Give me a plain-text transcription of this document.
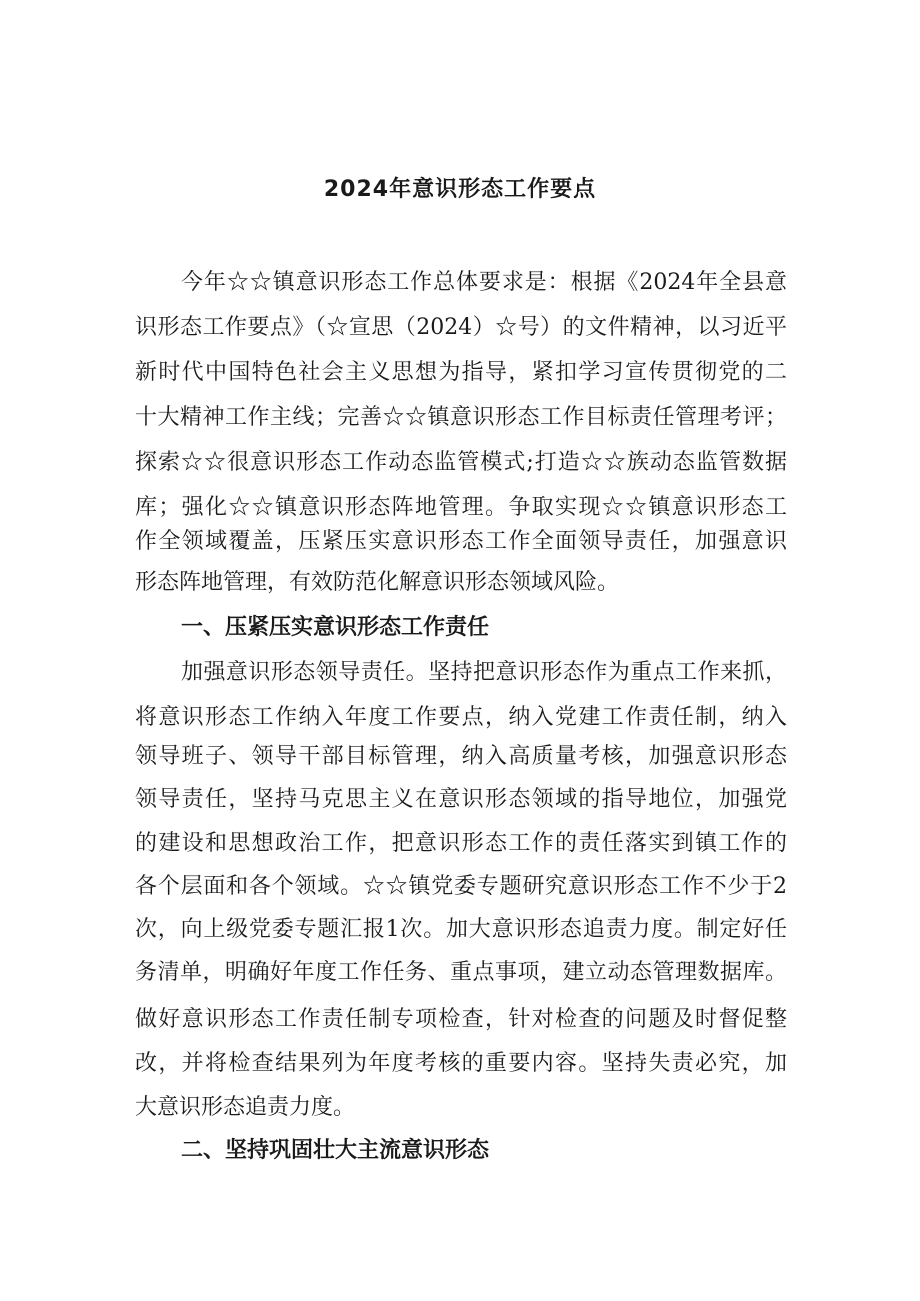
2024年意识形态工作要点
今年☆☆镇意识形态工作总体要求是：根据《2024年全县意
识形态工作要点》（☆宣思（2024）☆号）的文件精神，以习近平
新时代中国特色社会主义思想为指导，紧扣学习宣传贯彻党的二
十大精神工作主线；完善☆☆镇意识形态工作目标责任管理考评；
探索☆☆很意识形态工作动态监管模式;打造☆☆族动态监管数据
库；强化☆☆镇意识形态阵地管理。争取实现☆☆镇意识形态工
作全领域覆盖，压紧压实意识形态工作全面领导责任，加强意识
形态阵地管理，有效防范化解意识形态领域风险。
一、压紧压实意识形态工作责任
加强意识形态领导责任。坚持把意识形态作为重点工作来抓，
将意识形态工作纳入年度工作要点，纳入党建工作责任制，纳入
领导班子、领导干部目标管理，纳入高质量考核，加强意识形态
领导责任，坚持马克思主义在意识形态领域的指导地位，加强党
的建设和思想政治工作，把意识形态工作的责任落实到镇工作的
各个层面和各个领域。☆☆镇党委专题研究意识形态工作不少于2
次，向上级党委专题汇报1次。加大意识形态追责力度。制定好任
务清单，明确好年度工作任务、重点事项，建立动态管理数据库。
做好意识形态工作责任制专项检查，针对检查的问题及时督促整
改，并将检查结果列为年度考核的重要内容。坚持失责必究，加
大意识形态追责力度。
二、坚持巩固壮大主流意识形态
